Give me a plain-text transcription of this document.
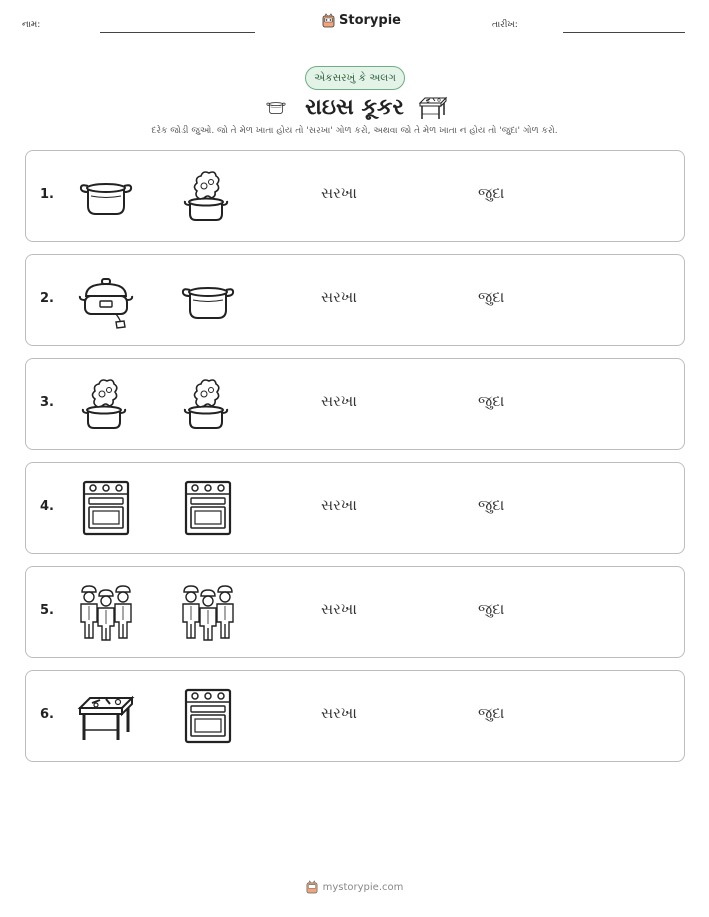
નામ:	Storypie	તારીખ:
એકસરખું કે અલગ
રાઇસ કૂકર
દરેક જોડી જુઓ. જો તે મેળ ખાતા હોય તો 'સરખા' ગોળ કરો, અથવા જો તે મેળ ખાતા ન હોય તો 'જુદા' ગોળ કરો.
1.	સરખા	જુદા
2.	સરખા	જુદા
3.	સરખા	જુદા
4.	સરખા	જુદા
5.	સરખા	જુદા
6.	સરખા	જુદા
mystorypie.com
